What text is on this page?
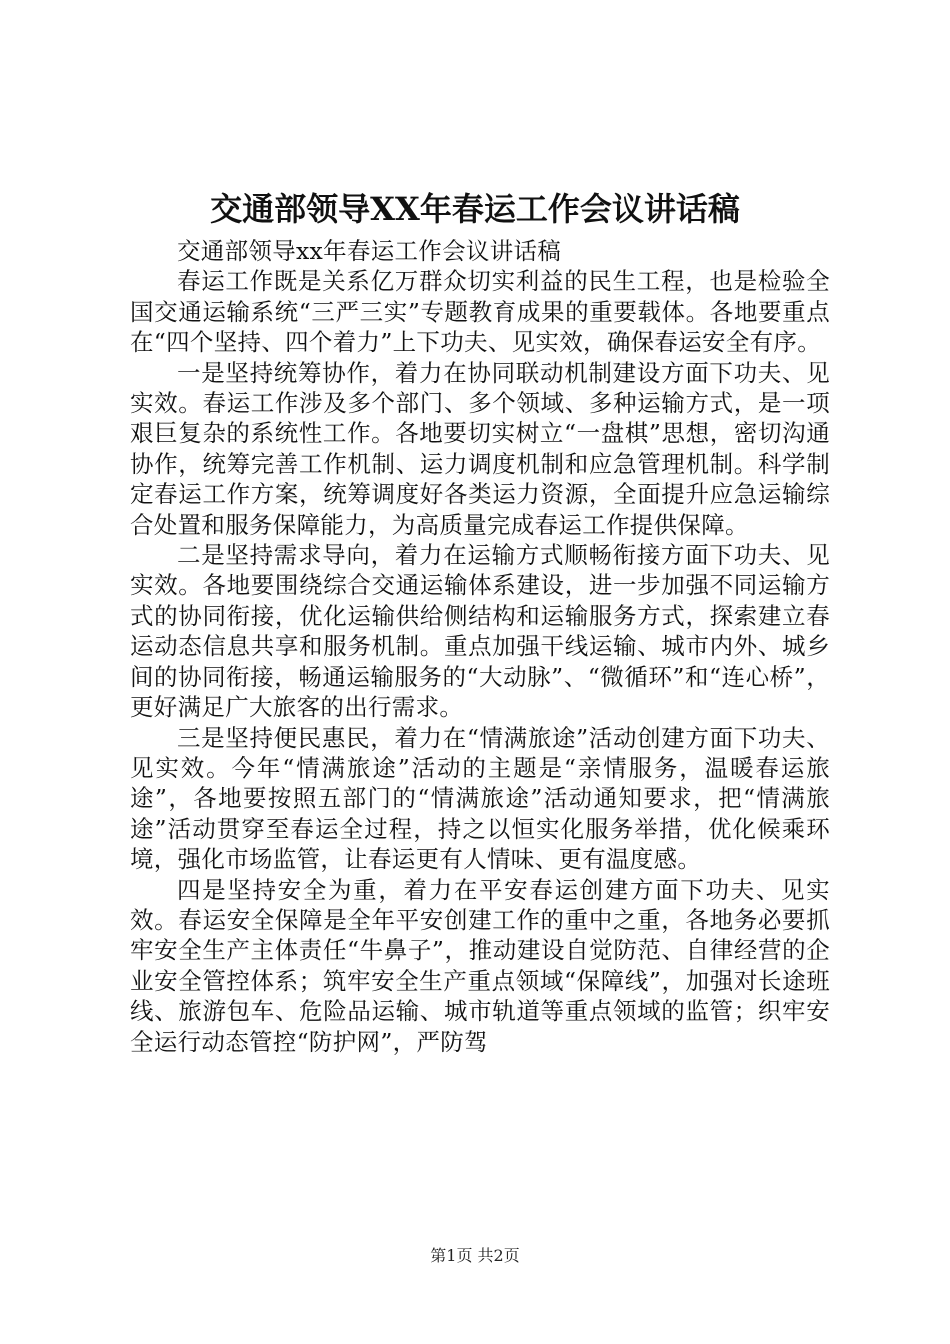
交通部领导XX年春运工作会议讲话稿

交通部领导xx年春运工作会议讲话稿

春运工作既是关系亿万群众切实利益的民生工程，也是检验全国交通运输系统“三严三实”专题教育成果的重要载体。各地要重点在“四个坚持、四个着力”上下功夫、见实效，确保春运安全有序。

一是坚持统筹协作，着力在协同联动机制建设方面下功夫、见实效。春运工作涉及多个部门、多个领域、多种运输方式，是一项艰巨复杂的系统性工作。各地要切实树立“一盘棋”思想，密切沟通协作，统筹完善工作机制、运力调度机制和应急管理机制。科学制定春运工作方案，统筹调度好各类运力资源，全面提升应急运输综合处置和服务保障能力，为高质量完成春运工作提供保障。

二是坚持需求导向，着力在运输方式顺畅衔接方面下功夫、见实效。各地要围绕综合交通运输体系建设，进一步加强不同运输方式的协同衔接，优化运输供给侧结构和运输服务方式，探索建立春运动态信息共享和服务机制。重点加强干线运输、城市内外、城乡间的协同衔接，畅通运输服务的“大动脉”、“微循环”和“连心桥”，更好满足广大旅客的出行需求。

三是坚持便民惠民，着力在“情满旅途”活动创建方面下功夫、见实效。今年“情满旅途”活动的主题是“亲情服务，温暖春运旅途”，各地要按照五部门的“情满旅途”活动通知要求，把“情满旅途”活动贯穿至春运全过程，持之以恒实化服务举措，优化候乘环境，强化市场监管，让春运更有人情味、更有温度感。

四是坚持安全为重，着力在平安春运创建方面下功夫、见实效。春运安全保障是全年平安创建工作的重中之重，各地务必要抓牢安全生产主体责任“牛鼻子”，推动建设自觉防范、自律经营的企业安全管控体系；筑牢安全生产重点领域“保障线”，加强对长途班线、旅游包车、危险品运输、城市轨道等重点领域的监管；织牢安全运行动态管控“防护网”，严防驾

第1页 共2页
